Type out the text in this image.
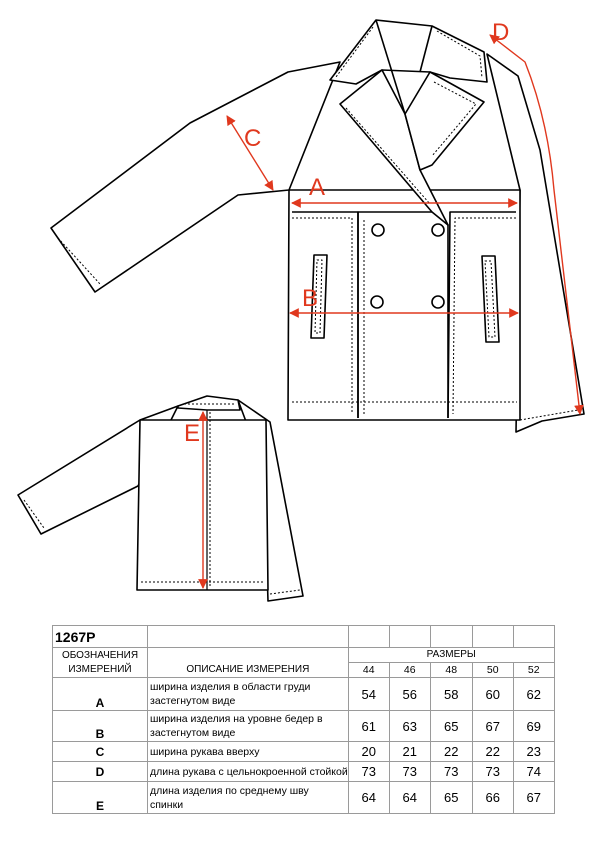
A
B
C
D
E
1267P						
ОБОЗНАЧЕНИЯ ИЗМЕРЕНИЙ	ОПИСАНИЕ ИЗМЕРЕНИЯ	РАЗМЕРЫ				
		44	46	48	50	52
A	ширина изделия в области груди
застегнутом виде	54	56	58	60	62
B	ширина изделия на уровне бедер в
застегнутом виде	61	63	65	67	69
C	ширина рукава вверху	20	21	22	22	23
D	длина рукава с цельнокроенной стойкой	73	73	73	73	74
E	длина изделия по среднему шву
спинки	64	64	65	66	67
